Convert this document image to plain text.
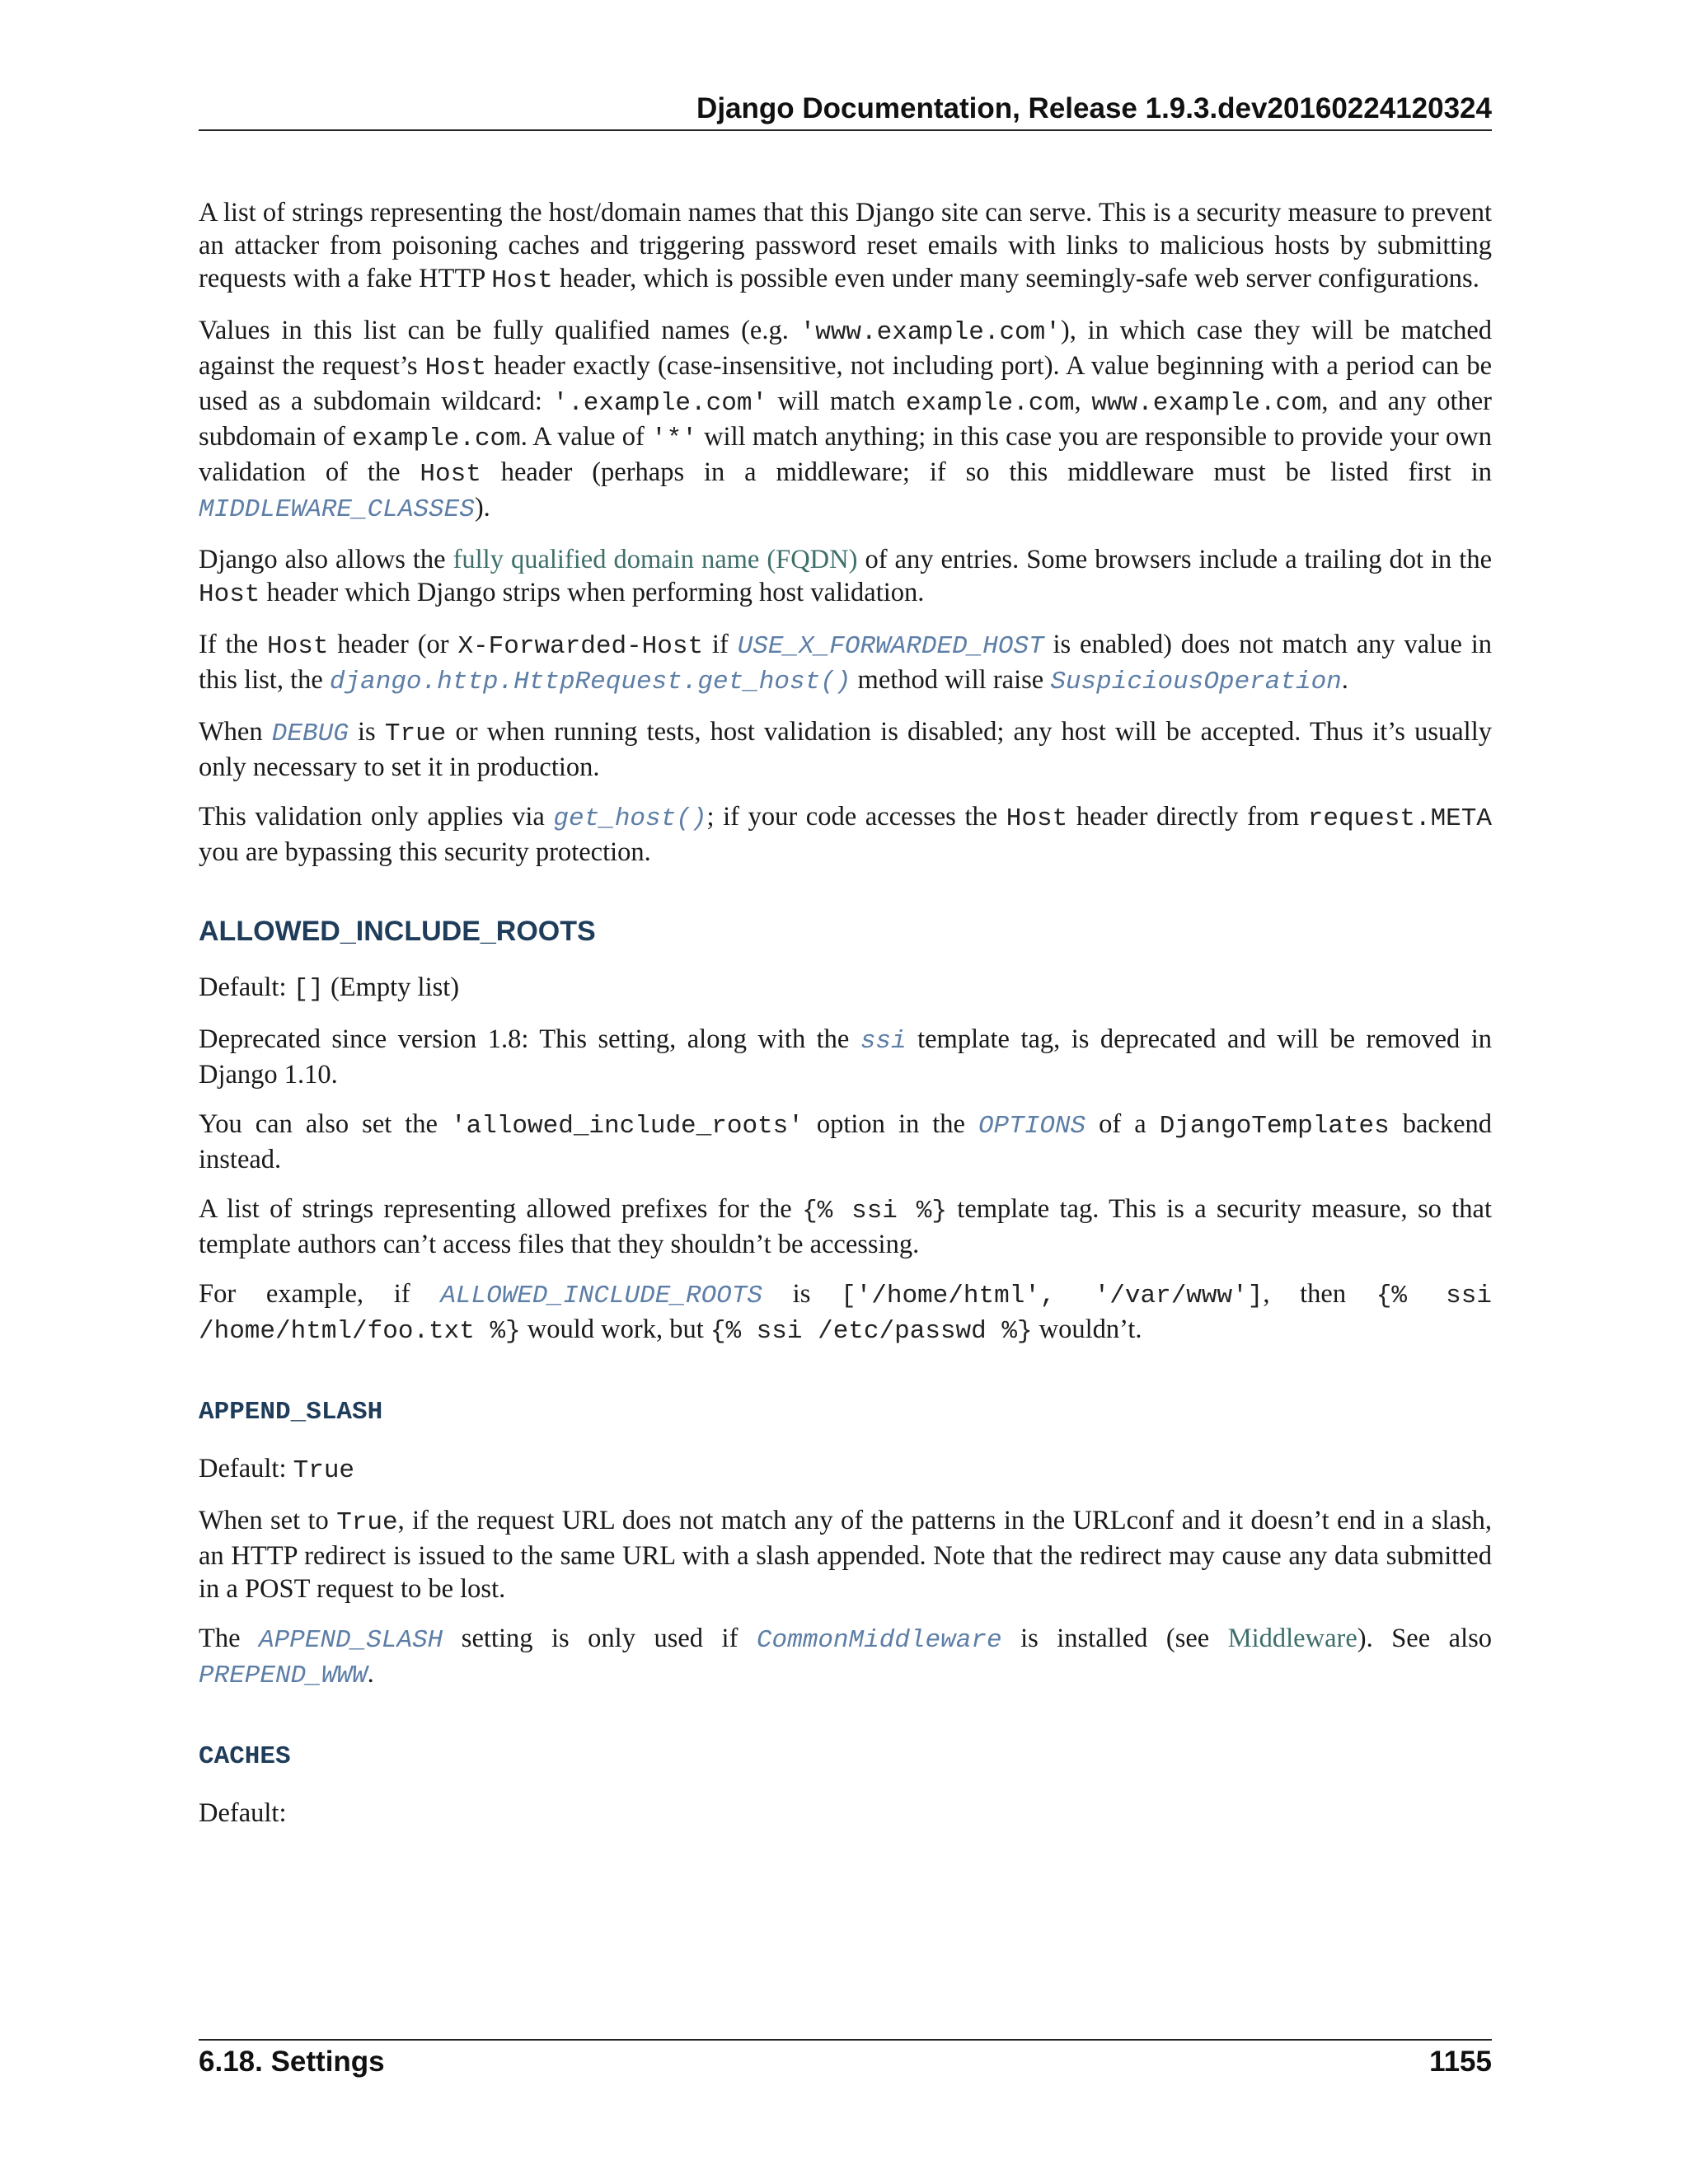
Django Documentation, Release 1.9.3.dev20160224120324

A list of strings representing the host/domain names that this Django site can serve. This is a security measure to prevent an attacker from poisoning caches and triggering password reset emails with links to malicious hosts by submitting requests with a fake HTTP Host header, which is possible even under many seemingly-safe web server configurations.

Values in this list can be fully qualified names (e.g. 'www.example.com'), in which case they will be matched against the request’s Host header exactly (case-insensitive, not including port). A value beginning with a period can be used as a subdomain wildcard: '.example.com' will match example.com, www.example.com, and any other subdomain of example.com. A value of '*' will match anything; in this case you are responsible to provide your own validation of the Host header (perhaps in a middleware; if so this middleware must be listed first in MIDDLEWARE_CLASSES).

Django also allows the fully qualified domain name (FQDN) of any entries. Some browsers include a trailing dot in the Host header which Django strips when performing host validation.

If the Host header (or X-Forwarded-Host if USE_X_FORWARDED_HOST is enabled) does not match any value in this list, the django.http.HttpRequest.get_host() method will raise SuspiciousOperation.

When DEBUG is True or when running tests, host validation is disabled; any host will be accepted. Thus it’s usually only necessary to set it in production.

This validation only applies via get_host(); if your code accesses the Host header directly from request.META you are bypassing this security protection.

ALLOWED_INCLUDE_ROOTS

Default: [] (Empty list)

Deprecated since version 1.8: This setting, along with the ssi template tag, is deprecated and will be removed in Django 1.10.

You can also set the 'allowed_include_roots' option in the OPTIONS of a DjangoTemplates backend instead.

A list of strings representing allowed prefixes for the {% ssi %} template tag. This is a security measure, so that template authors can’t access files that they shouldn’t be accessing.

For example, if ALLOWED_INCLUDE_ROOTS is ['/home/html', '/var/www'], then {% ssi /home/html/foo.txt %} would work, but {% ssi /etc/passwd %} wouldn’t.

APPEND_SLASH

Default: True

When set to True, if the request URL does not match any of the patterns in the URLconf and it doesn’t end in a slash, an HTTP redirect is issued to the same URL with a slash appended. Note that the redirect may cause any data submitted in a POST request to be lost.

The APPEND_SLASH setting is only used if CommonMiddleware is installed (see Middleware). See also PREPEND_WWW.

CACHES

Default:

6.18. Settings	1155
